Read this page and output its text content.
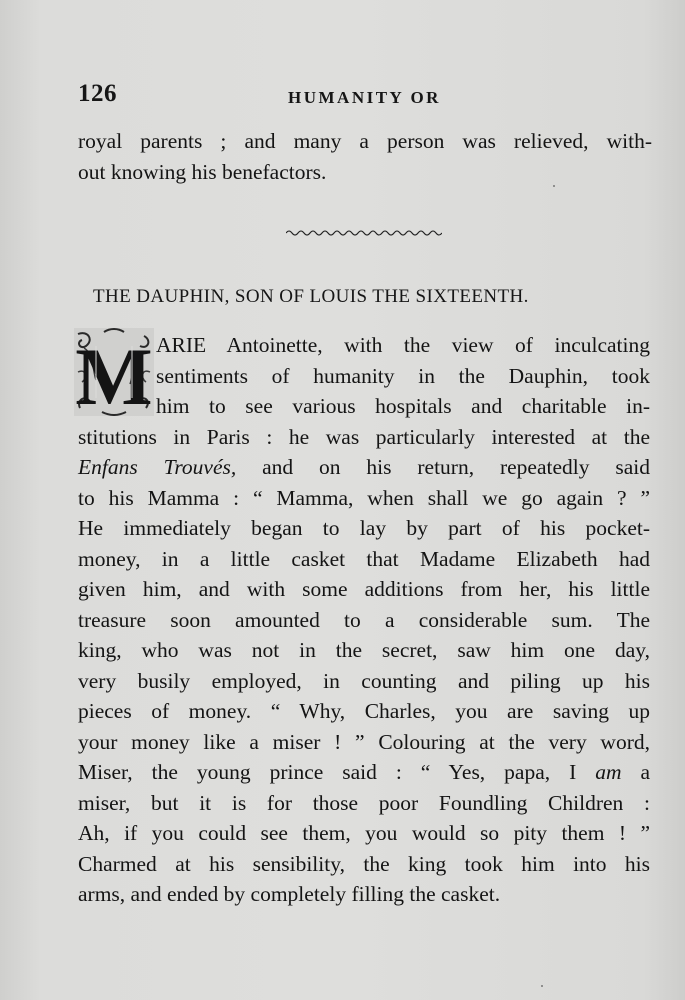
126	HUMANITY OR
royal parents ; and many a person was relieved, with-
out knowing his benefactors.
THE DAUPHIN, SON OF LOUIS THE SIXTEENTH.
M ARIE Antoinette, with the view of inculcating
sentiments of humanity in the Dauphin, took
him to see various hospitals and charitable in-
stitutions in Paris : he was particularly interested at the
Enfans Trouvés, and on his return, repeatedly said
to his Mamma : “ Mamma, when shall we go again ? ”
He immediately began to lay by part of his pocket-
money, in a little casket that Madame Elizabeth had
given him, and with some additions from her, his little
treasure soon amounted to a considerable sum. The
king, who was not in the secret, saw him one day,
very busily employed, in counting and piling up his
pieces of money. “ Why, Charles, you are saving up
your money like a miser ! ” Colouring at the very word,
Miser, the young prince said : “ Yes, papa, I am a
miser, but it is for those poor Foundling Children :
Ah, if you could see them, you would so pity them ! ”
Charmed at his sensibility, the king took him into his
arms, and ended by completely filling the casket.
